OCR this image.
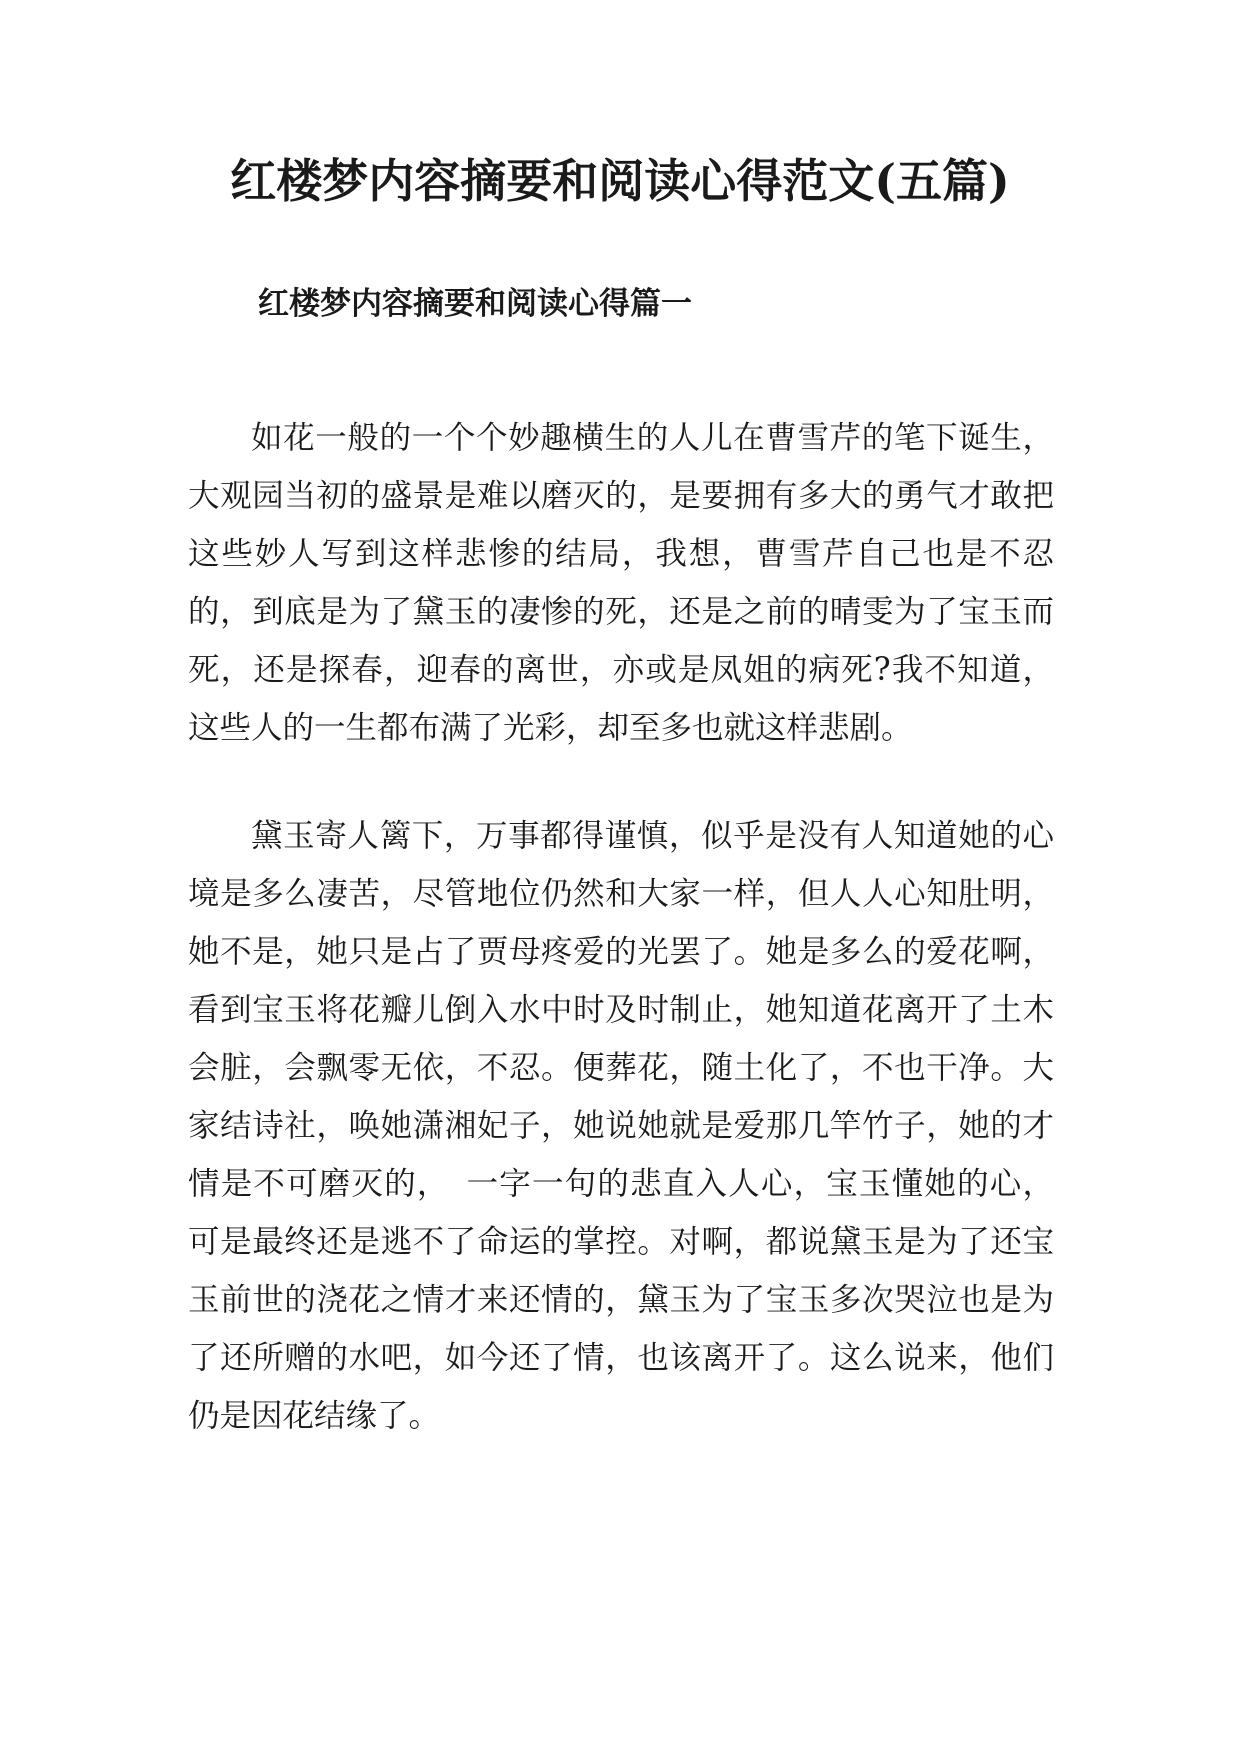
红楼梦内容摘要和阅读心得范文(五篇)
红楼梦内容摘要和阅读心得篇一

如花一般的一个个妙趣横生的人儿在曹雪芹的笔下诞生，大观园当初的盛景是难以磨灭的，是要拥有多大的勇气才敢把这些妙人写到这样悲惨的结局，我想，曹雪芹自己也是不忍的，到底是为了黛玉的凄惨的死，还是之前的晴雯为了宝玉而死，还是探春，迎春的离世，亦或是凤姐的病死?我不知道，这些人的一生都布满了光彩，却至多也就这样悲剧。

黛玉寄人篱下，万事都得谨慎，似乎是没有人知道她的心境是多么凄苦，尽管地位仍然和大家一样，但人人心知肚明，她不是，她只是占了贾母疼爱的光罢了。她是多么的爱花啊，看到宝玉将花瓣儿倒入水中时及时制止，她知道花离开了土木会脏，会飘零无依，不忍。便葬花，随土化了，不也干净。大家结诗社，唤她潇湘妃子，她说她就是爱那几竿竹子，她的才情是不可磨灭的，　一字一句的悲直入人心，宝玉懂她的心，可是最终还是逃不了命运的掌控。对啊，都说黛玉是为了还宝玉前世的浇花之情才来还情的，黛玉为了宝玉多次哭泣也是为了还所赠的水吧，如今还了情，也该离开了。这么说来，他们仍是因花结缘了。
